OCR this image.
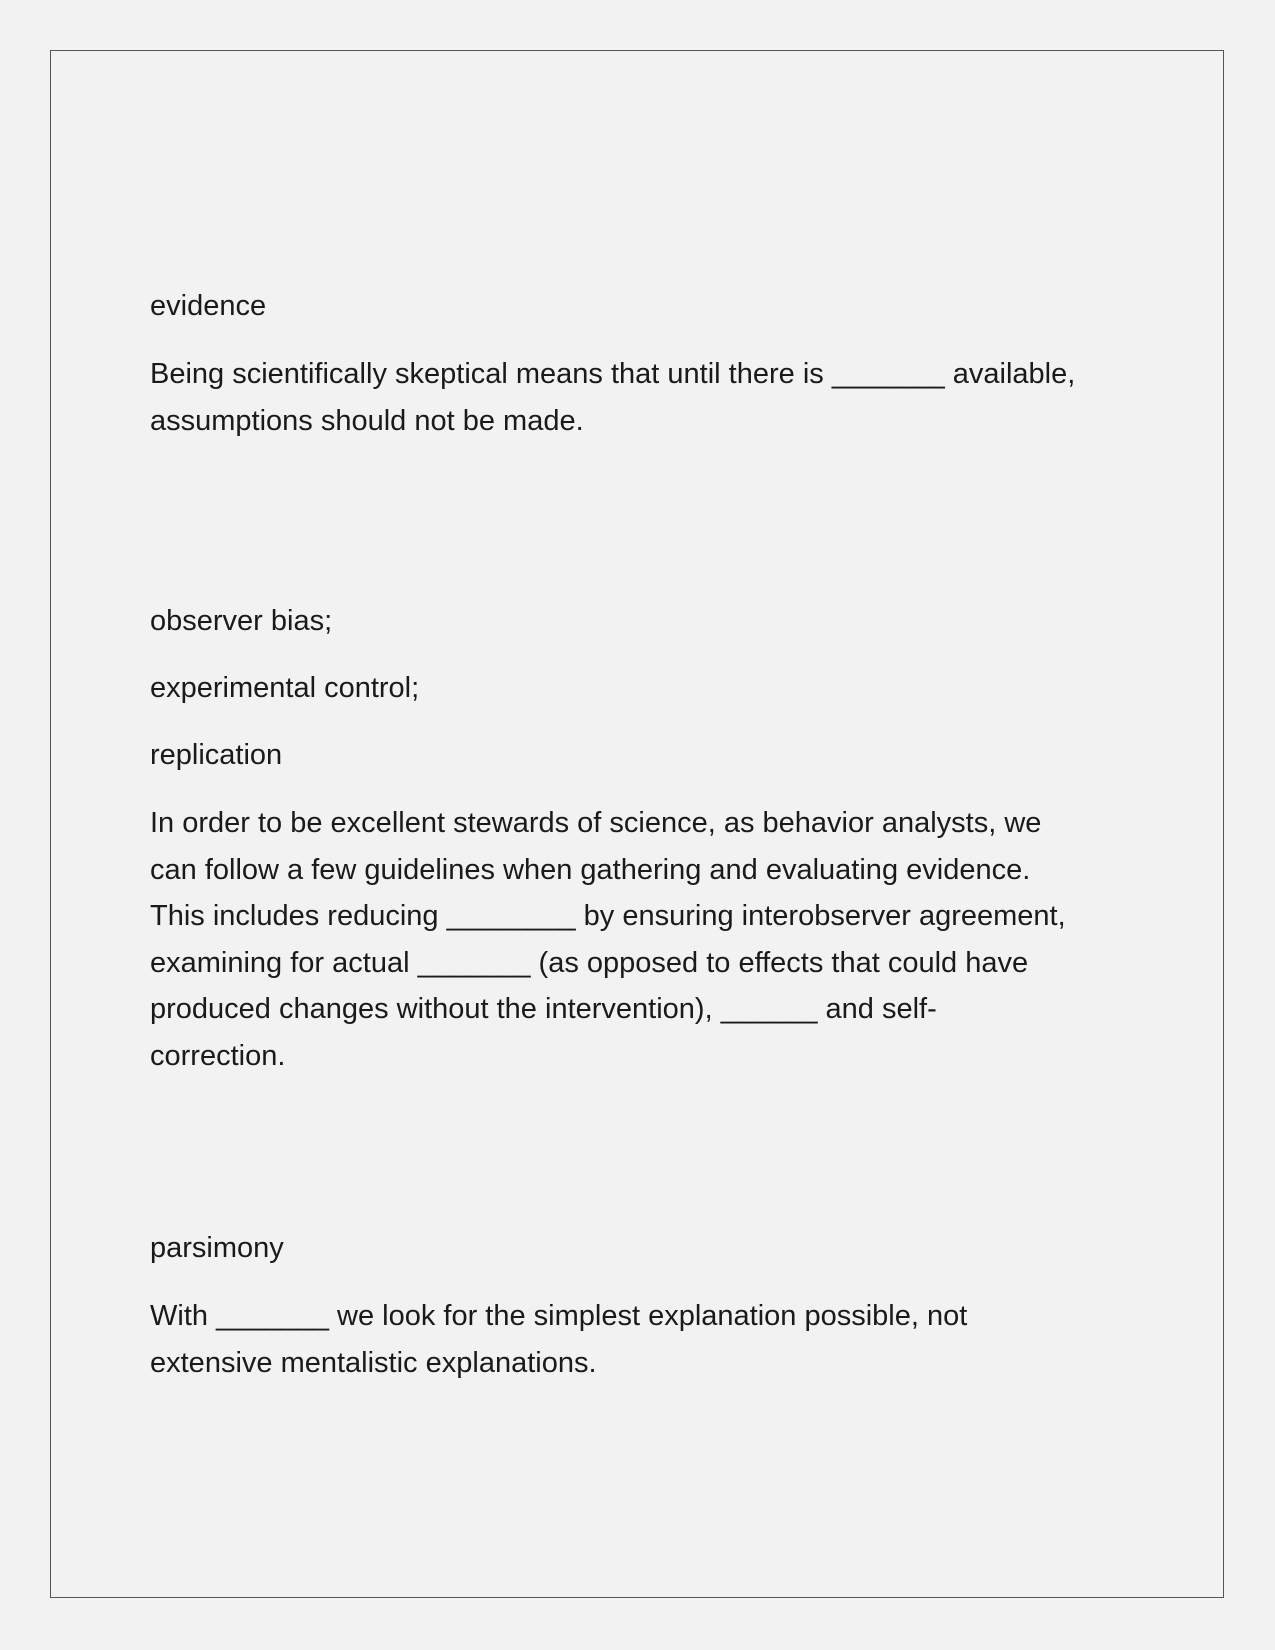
evidence

Being scientifically skeptical means that until there is _______ available,
assumptions should not be made.

observer bias;

experimental control;

replication

In order to be excellent stewards of science, as behavior analysts, we
can follow a few guidelines when gathering and evaluating evidence.
This includes reducing ________ by ensuring interobserver agreement,
examining for actual _______ (as opposed to effects that could have
produced changes without the intervention), ______ and self-
correction.

parsimony

With _______ we look for the simplest explanation possible, not
extensive mentalistic explanations.
